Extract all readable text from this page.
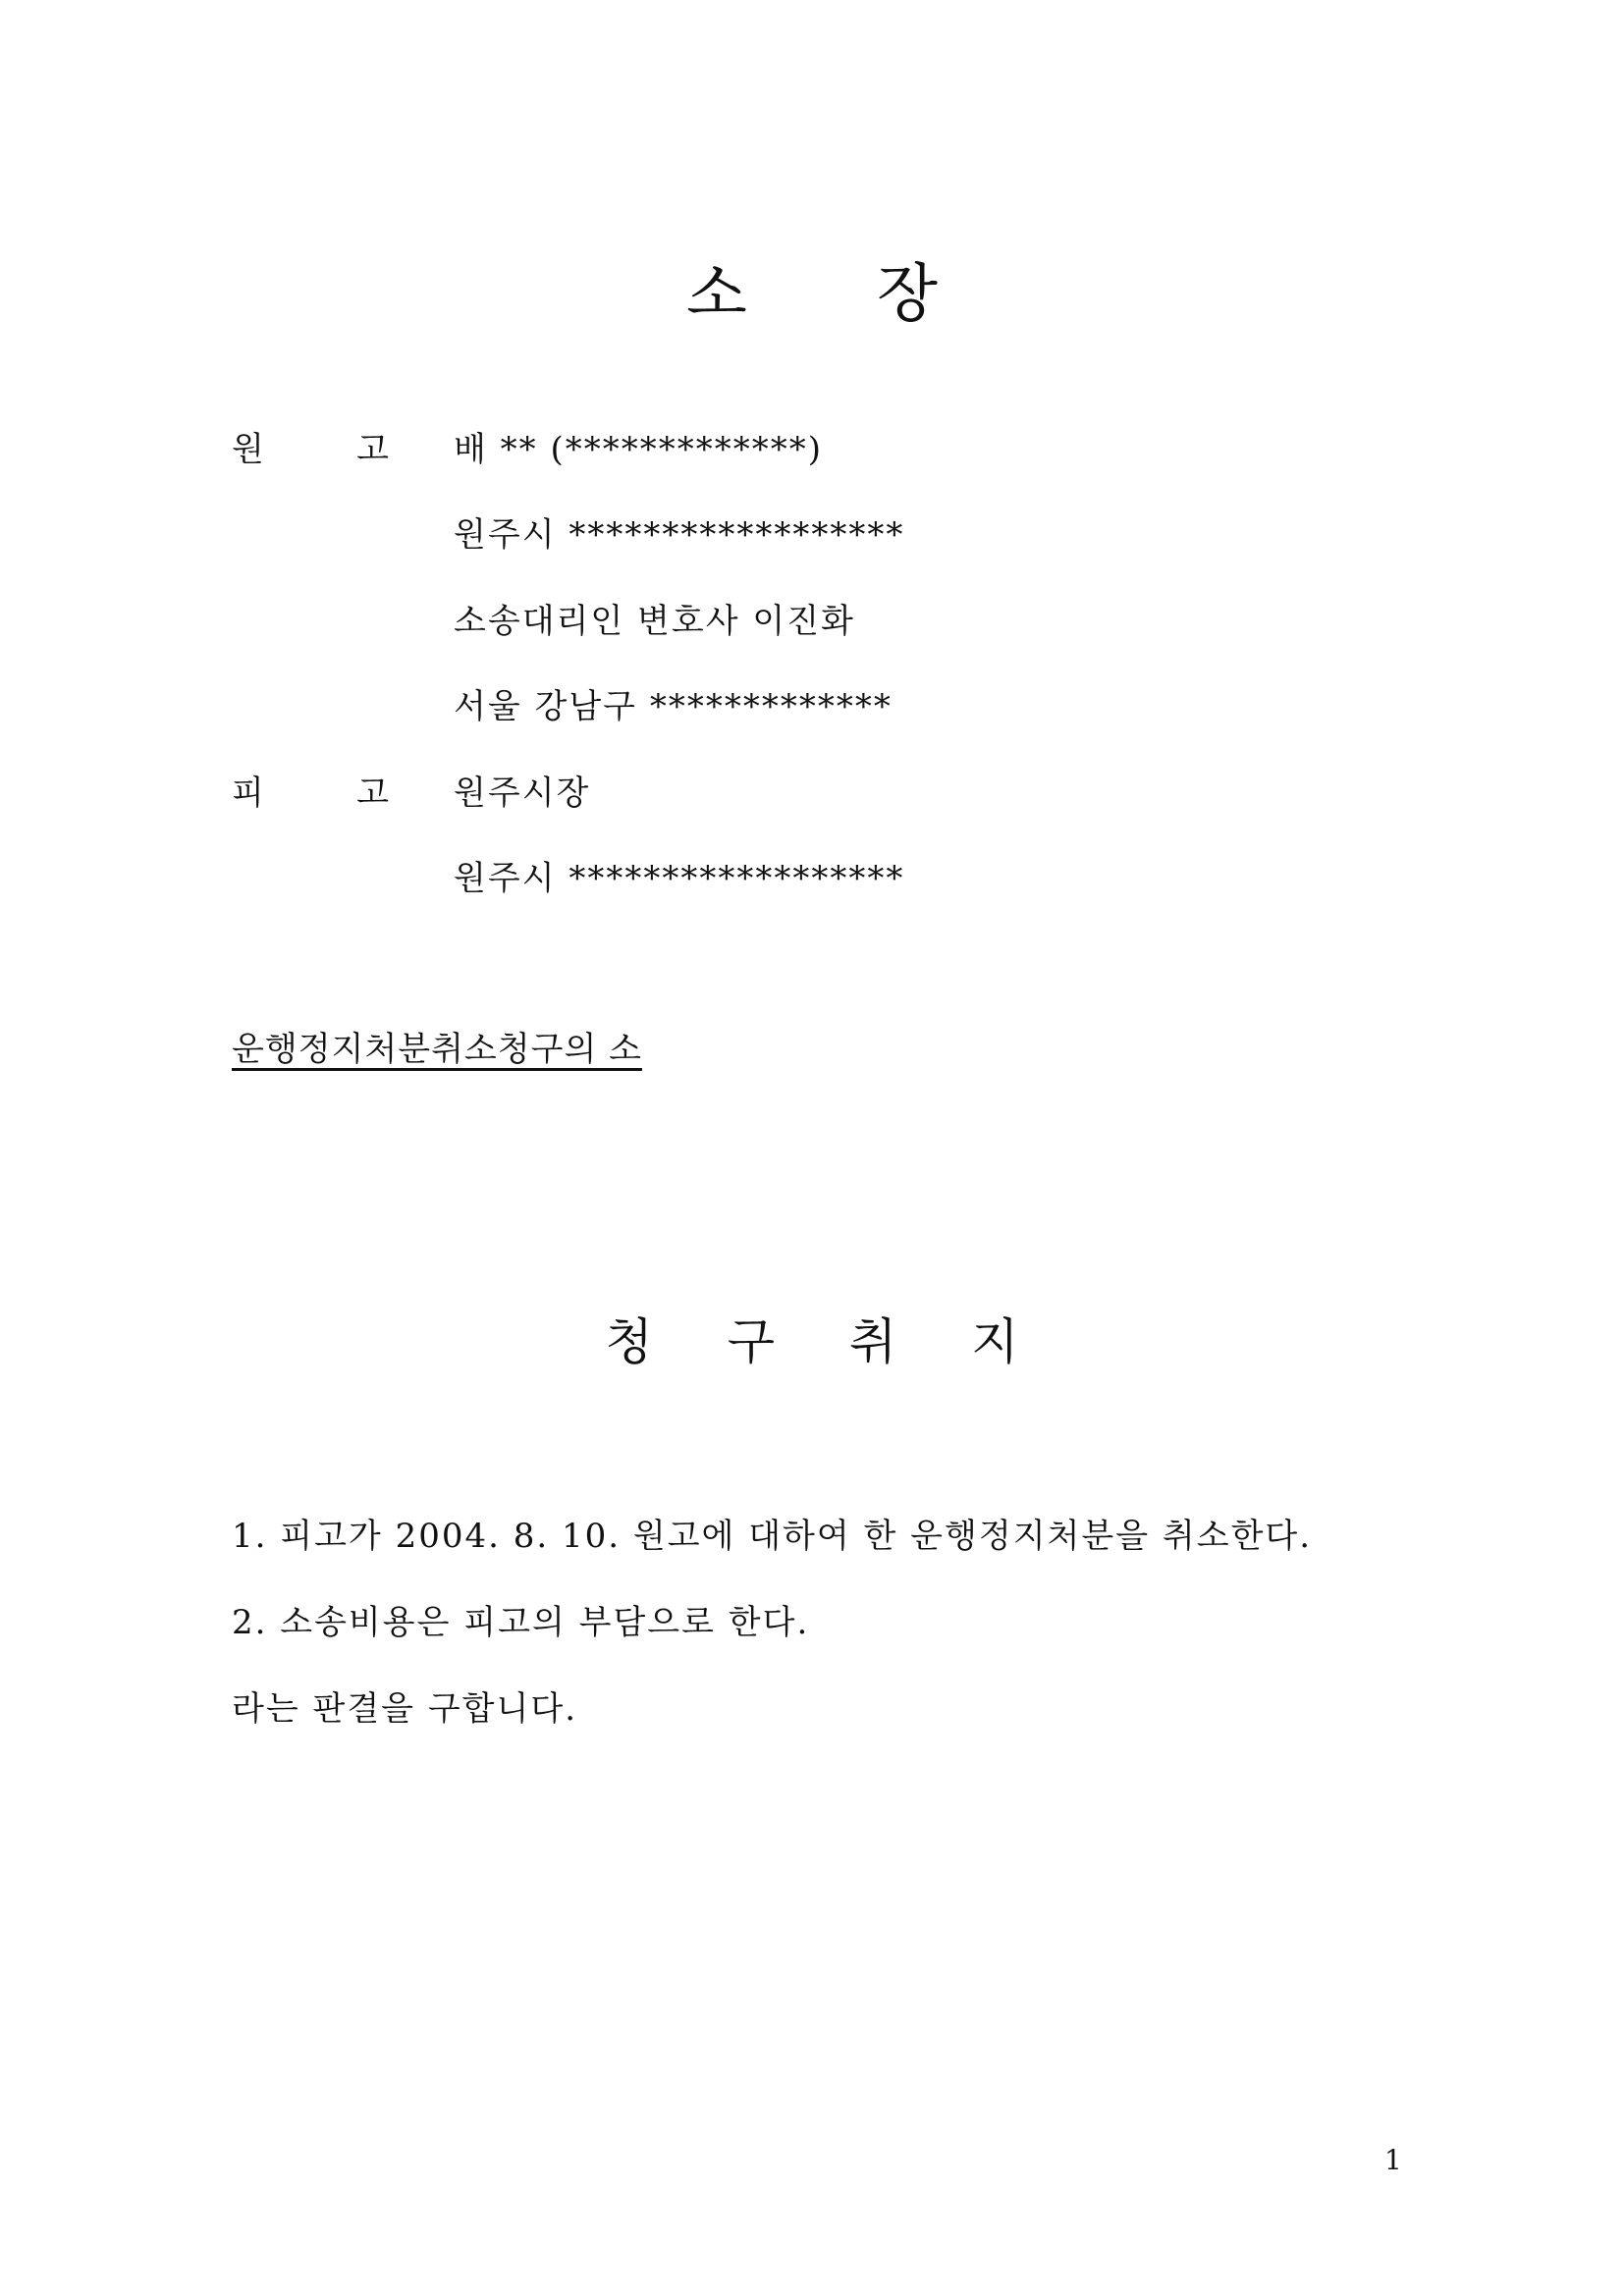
소 장
원	고 배 ** (*************)
원주시 ******************
소송대리인 변호사 이진화
서울 강남구 *************
피	고 원주시장
원주시 ******************
운행정지처분취소청구의 소
청 구 취 지
1. 피고가 2004. 8. 10. 원고에 대하여 한 운행정지처분을 취소한다.
2. 소송비용은 피고의 부담으로 한다.
라는 판결을 구합니다.
1
